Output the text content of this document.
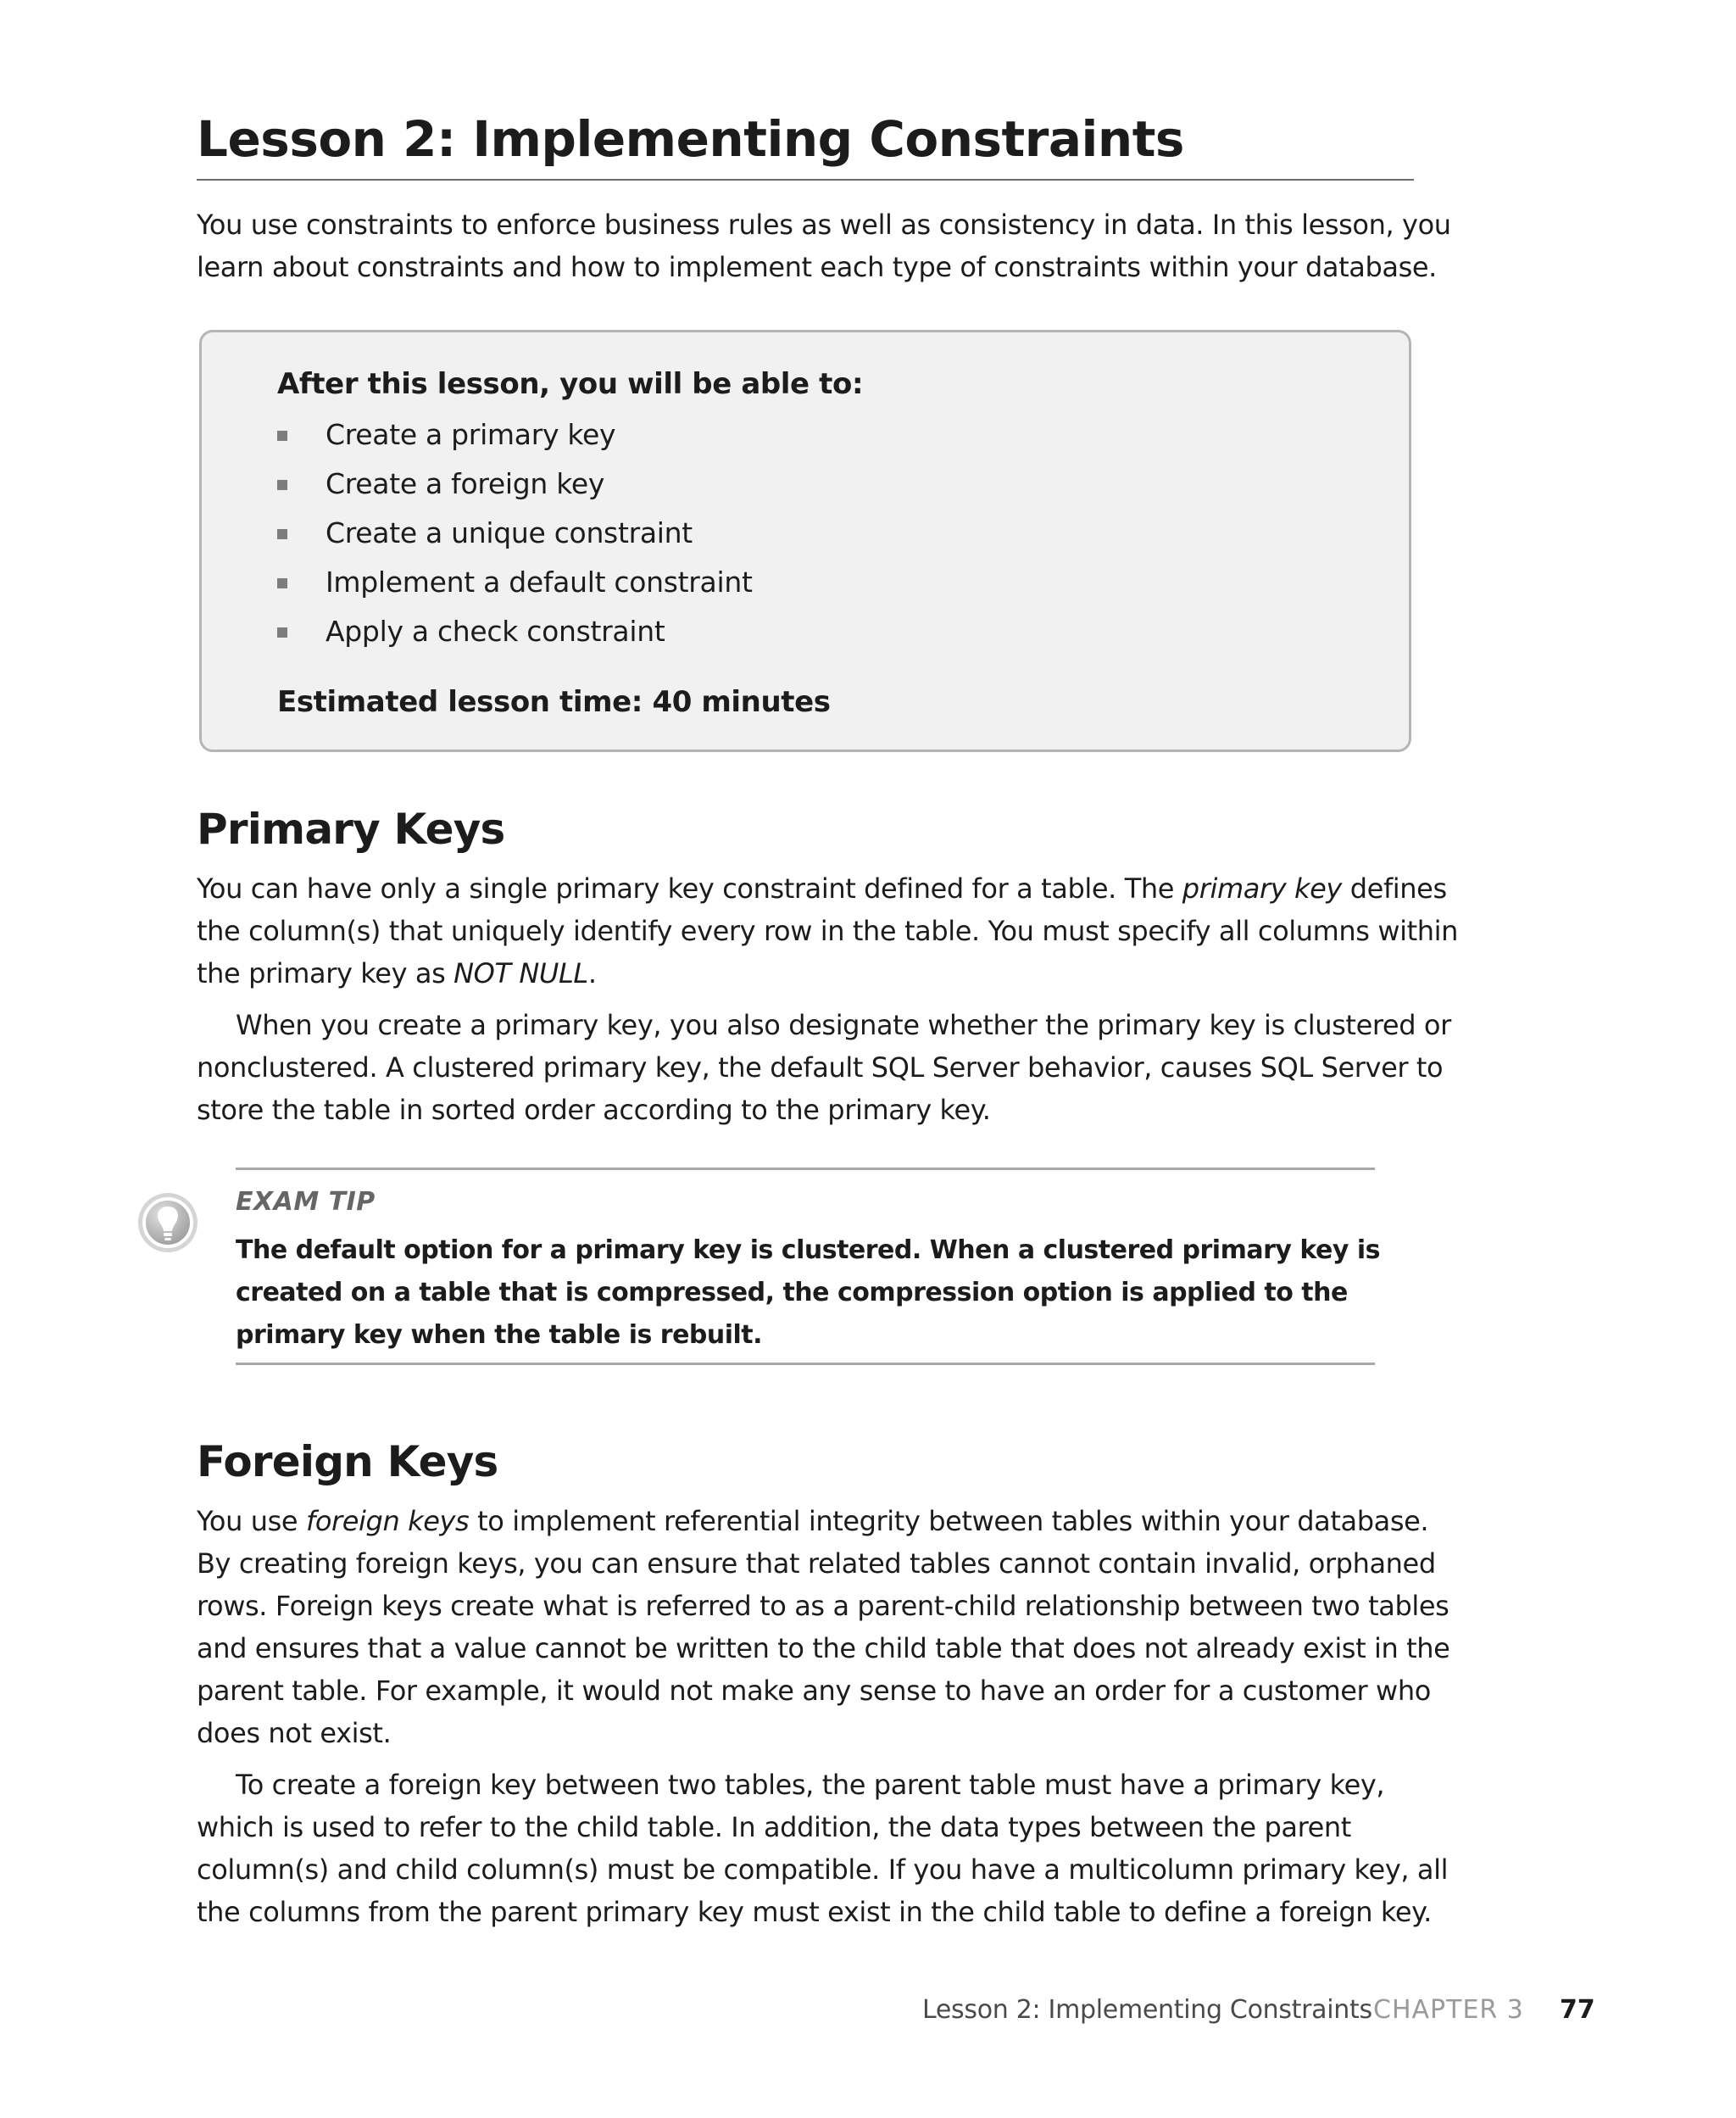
Lesson 2: Implementing Constraints

You use constraints to enforce business rules as well as consistency in data. In this lesson, you learn about constraints and how to implement each type of constraints within your database.

After this lesson, you will be able to:

Create a primary key
Create a foreign key
Create a unique constraint
Implement a default constraint
Apply a check constraint

Estimated lesson time: 40 minutes

Primary Keys

You can have only a single primary key constraint defined for a table. The primary key defines the column(s) that uniquely identify every row in the table. You must specify all columns within the primary key as NOT NULL.

When you create a primary key, you also designate whether the primary key is clustered or nonclustered. A clustered primary key, the default SQL Server behavior, causes SQL Server to store the table in sorted order according to the primary key.

EXAM TIP

The default option for a primary key is clustered. When a clustered primary key is created on a table that is compressed, the compression option is applied to the primary key when the table is rebuilt.

Foreign Keys

You use foreign keys to implement referential integrity between tables within your database. By creating foreign keys, you can ensure that related tables cannot contain invalid, orphaned rows. Foreign keys create what is referred to as a parent-child relationship between two tables and ensures that a value cannot be written to the child table that does not already exist in the parent table. For example, it would not make any sense to have an order for a customer who does not exist.

To create a foreign key between two tables, the parent table must have a primary key, which is used to refer to the child table. In addition, the data types between the parent column(s) and child column(s) must be compatible. If you have a multicolumn primary key, all the columns from the parent primary key must exist in the child table to define a foreign key.

Lesson 2: Implementing Constraints CHAPTER 3 77
